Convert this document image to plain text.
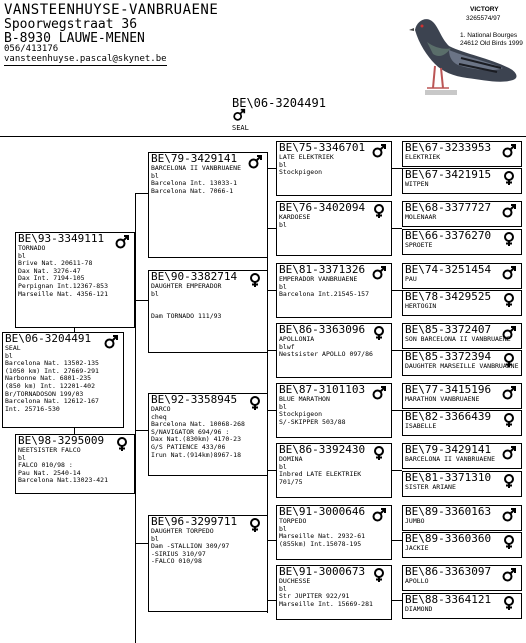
VANSTEENHUYSE-VANBRUAENE
Spoorwegstraat 36
B-8930 LAUWE-MENEN
056/413176
vansteenhuyse.pascal@skynet.be
VICTORY
3265574/97
1. National Bourges
24612 Old Birds 1999
BE\06-3204491
SEAL
BE\93-3349111
TORNADO
bl
Brive Nat. 20611-78
Dax Nat. 3276-47
Dax Int. 7194-105
Perpignan Int.12367-853
Marseille Nat. 4356-121
BE\06-3204491
SEAL
bl
Barcelona Nat. 13502-135
(1050 km) Int. 27669-291
Narbonne Nat. 6801-235
(850 km) Int. 12201-402
Br/TORNADOSON 199/03
Barcelona Nat. 12612-167
Int. 25716-530
BE\98-3295009
NEETSISTER FALCO
bl
FALCO 010/98 :
Pau Nat. 2540-14
Barcelona Nat.13023-421
BE\79-3429141
BARCELONA II VANBRUAENE
bl
Barcelona Int. 13033-1
Barcelona Nat. 7066-1
BE\90-3382714
DAUGHTER EMPERADOR
bl

Dam TORNADO 111/93
BE\92-3358945
DARCO
cheq
Barcelona Nat. 10068-268
S/NAVIGATOR 694/96 :
Dax Nat.(830km) 4170-23
G/S PATIENCE 433/06
Irun Nat.(914km)8967-18
BE\96-3299711
DAUGHTER TORPEDO
bl
Dam -STALLION 309/97
-SIRIUS 310/97
-FALCO 010/98
BE\75-3346701
LATE ELEKTRIEK
bl
Stockpigeon
BE\76-3402094
KARDOESE
bl
BE\81-3371326
EMPERADOR VANBRUAENE
bl
Barcelona Int.21545-157
BE\86-3363096
APOLLONIA
blwf
Nestsister APOLLO 097/86
BE\87-3101103
BLUE MARATHON
bl
Stockpigeon
S/-SKIPPER 503/88
BE\86-3392430
DOMINA
bl
Inbred LATE ELEKTRIEK
701/75
BE\91-3000646
TORPEDO
bl
Marseille Nat. 2932-61
(855km) Int.15078-195
BE\91-3000673
DUCHESSE
bl
Str JUPITER 922/91
Marseille Int. 15669-281
BE\67-3233953
ELEKTRIEK
BE\67-3421915
WITPEN
BE\68-3377727
MOLENAAR
BE\66-3376270
SPROETE
BE\74-3251454
PAU
BE\78-3429525
HERTOGIN
BE\85-3372407
SON BARCELONA II VANBRUAENE
BE\85-3372394
DAUGHTER MARSEILLE VANBRUAENE
BE\77-3415196
MARATHON VANBRUAENE
BE\82-3366439
ISABELLE
BE\79-3429141
BARCELONA II VANBRUAENE
BE\81-3371310
SISTER ARIANE
BE\89-3360163
JUMBO
BE\89-3360360
JACKIE
BE\86-3363097
APOLLO
BE\88-3364121
DIAMOND
